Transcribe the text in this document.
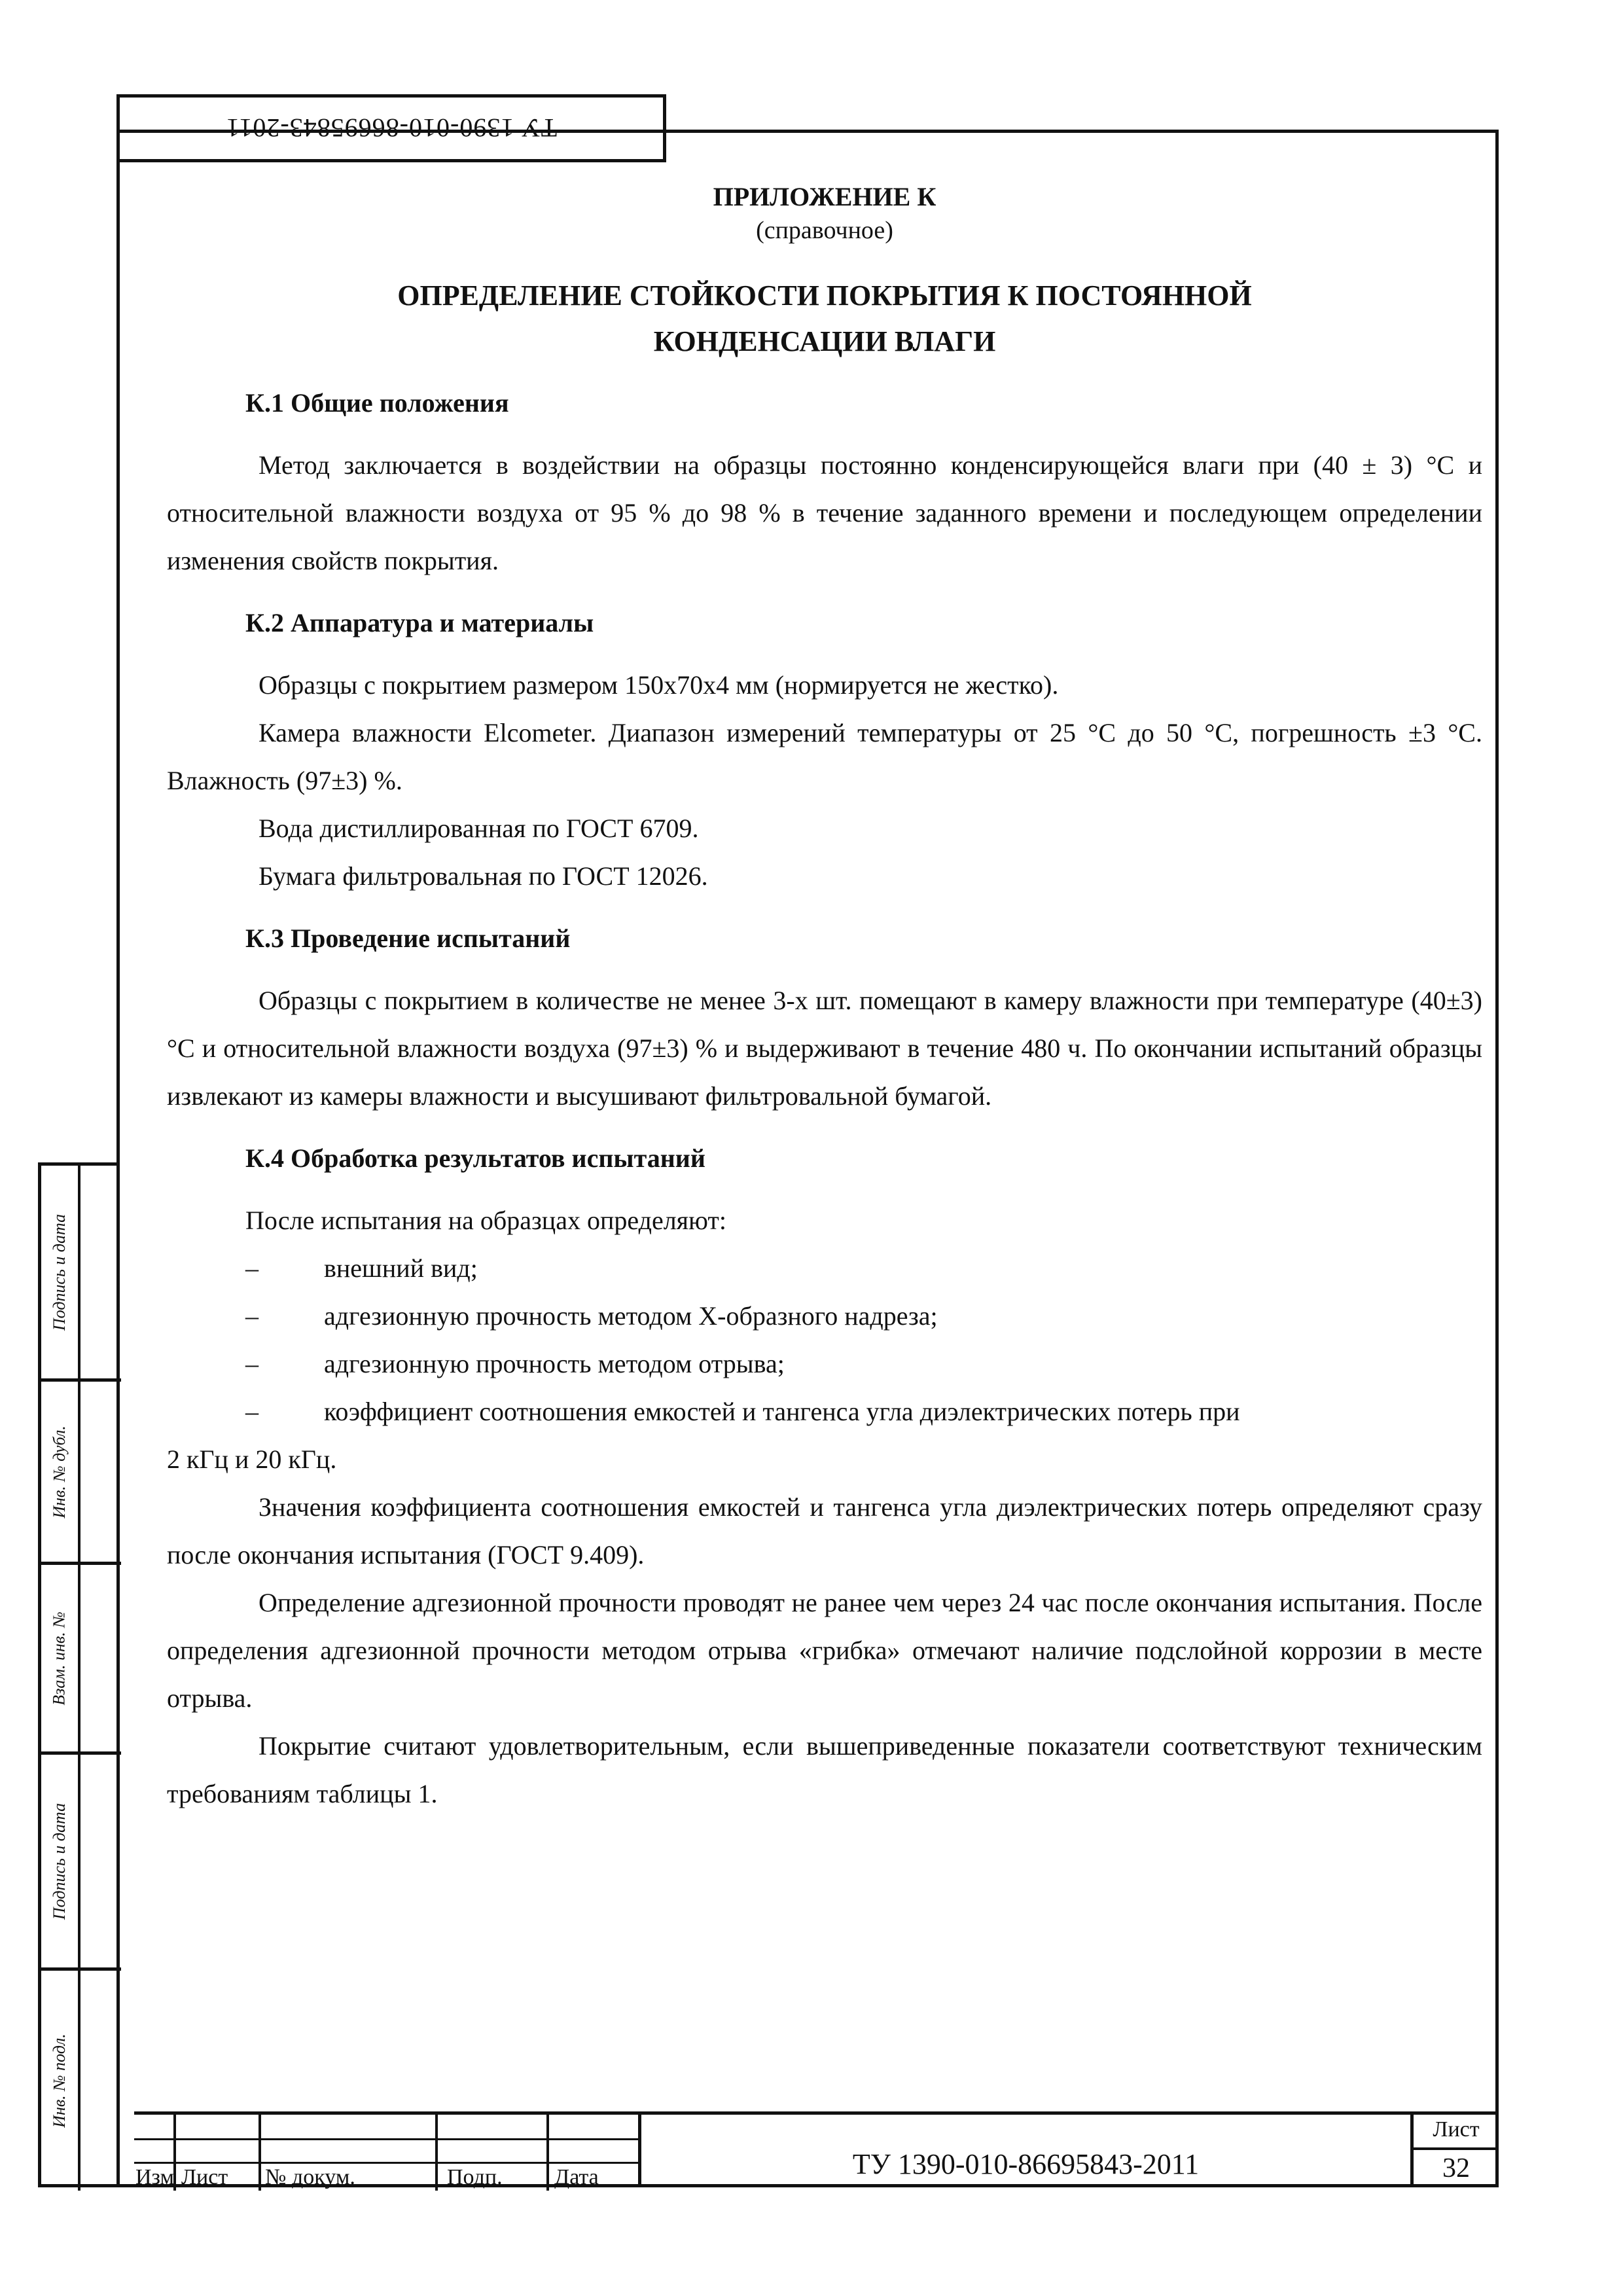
ТУ 1390-010-86695843-2011
ПРИЛОЖЕНИЕ К
(справочное)
ОПРЕДЕЛЕНИЕ СТОЙКОСТИ ПОКРЫТИЯ К ПОСТОЯННОЙ
КОНДЕНСАЦИИ ВЛАГИ
К.1 Общие положения
Метод заключается в воздействии на образцы постоянно конденсирующейся влаги при (40 ± 3) °С и относительной влажности воздуха от 95 % до 98 % в течение заданного времени и последующем определении изменения свойств покрытия.
К.2 Аппаратура и материалы
Образцы с покрытием размером 150х70х4 мм (нормируется не жестко).
Камера влажности Elcometer. Диапазон измерений температуры от 25 °С до 50 °С, погрешность ±3 °С. Влажность (97±3) %.
Вода дистиллированная по ГОСТ 6709.
Бумага фильтровальная по ГОСТ 12026.
К.3 Проведение испытаний
Образцы с покрытием в количестве не менее 3-х шт. помещают в камеру влажности при температуре (40±3) °С и относительной влажности воздуха (97±3) % и выдерживают в течение 480 ч. По окончании испытаний образцы извлекают из камеры влажности и высушивают фильтровальной бумагой.
К.4 Обработка результатов испытаний
После испытания на образцах определяют:
–	внешний вид;
–	адгезионную прочность методом Х-образного надреза;
–	адгезионную прочность методом отрыва;
–	коэффициент соотношения емкостей и тангенса угла диэлектрических потерь при
2 кГц и 20 кГц.
Значения коэффициента соотношения емкостей и тангенса угла диэлектрических потерь определяют сразу после окончания испытания (ГОСТ 9.409).
Определение адгезионной прочности проводят не ранее чем через 24 час после окончания испытания. После определения адгезионной прочности методом отрыва «грибка» отмечают наличие подслойной коррозии в месте отрыва.
Покрытие считают удовлетворительным, если вышеприведенные показатели соответствуют техническим требованиям таблицы 1.
Подпись и дата
Инв. № дубл.
Взам. инв. №
Подпись и дата
Инв. № подл.
Изм Лист № докум.	Подп. Дата	ТУ 1390-010-86695843-2011
Лист
32
